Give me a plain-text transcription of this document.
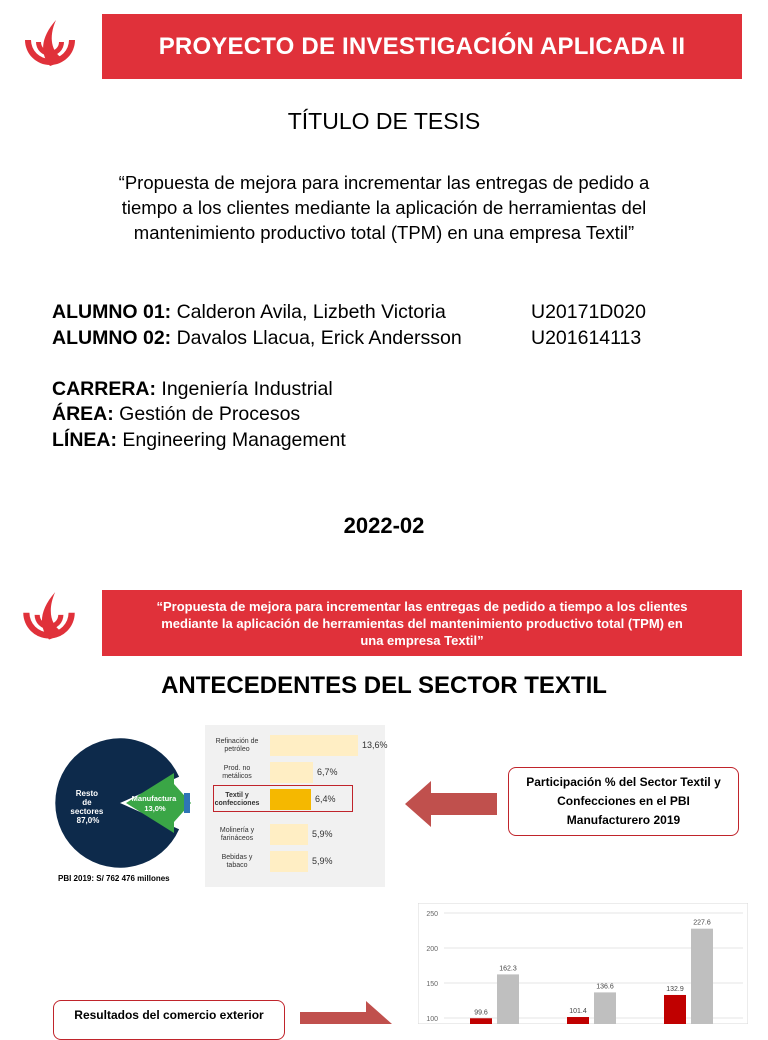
PROYECTO DE INVESTIGACIÓN APLICADA II
TÍTULO DE TESIS
“Propuesta de mejora para incrementar las entregas de pedido a
tiempo a los clientes mediante la aplicación de herramientas del
mantenimiento productivo total (TPM) en una empresa Textil”
ALUMNO 01: Calderon Avila, Lizbeth Victoria	U20171D020
ALUMNO 02: Davalos Llacua, Erick Andersson	U201614113
CARRERA: Ingeniería Industrial
ÁREA: Gestión de Procesos
LÍNEA: Engineering Management
2022-02
“Propuesta de mejora para incrementar las entregas de pedido a tiempo a los clientes
mediante la aplicación de herramientas del mantenimiento productivo total (TPM) en
una empresa Textil”
ANTECEDENTES DEL SECTOR TEXTIL
Resto de sectores 87,0%
Manufactura 13,0%
PBI 2019: S/ 762 476 millones
Refinación de
petróleo	13,6%
Prod. no
metálicos	6,7%
Textil y
confecciones	6,4%
Molinería y
farináceos	5,9%
Bebidas y
tabaco	5,9%
Participación % del Sector Textil y
Confecciones en el PBI
Manufacturero 2019
Resultados del comercio exterior	100
150
200
250
99.6
162.3
101.4
136.6	132.9
227.6
